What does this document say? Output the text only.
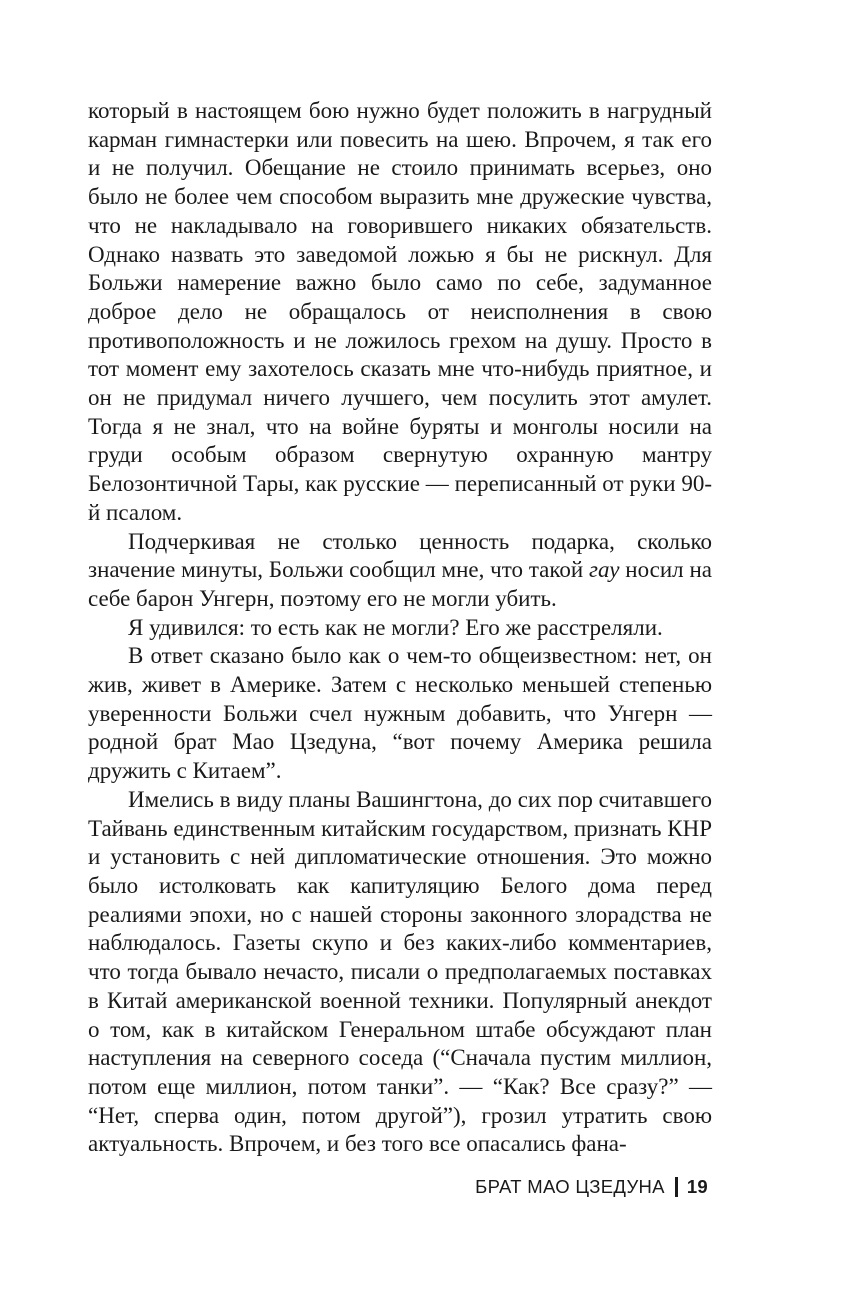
который в настоящем бою нужно будет положить в нагрудный карман гимнастерки или повесить на шею. Впрочем, я так его и не получил. Обещание не стоило принимать всерьез, оно было не более чем способом выразить мне дружеские чувства, что не накладывало на говорившего никаких обязательств. Однако назвать это заведомой ложью я бы не рискнул. Для Больжи намерение важно было само по себе, задуманное доброе дело не обращалось от неисполнения в свою противоположность и не ложилось грехом на душу. Просто в тот момент ему захотелось сказать мне что-нибудь приятное, и он не придумал ничего лучшего, чем посулить этот амулет. Тогда я не знал, что на войне буряты и монголы носили на груди особым образом свернутую охранную мантру Белозонтичной Тары, как русские — переписанный от руки 90-й псалом.

Подчеркивая не столько ценность подарка, сколько значение минуты, Больжи сообщил мне, что такой гау носил на себе барон Унгерн, поэтому его не могли убить.

Я удивился: то есть как не могли? Его же расстреляли.

В ответ сказано было как о чем-то общеизвестном: нет, он жив, живет в Америке. Затем с несколько меньшей степенью уверенности Больжи счел нужным добавить, что Унгерн — родной брат Мао Цзедуна, “вот почему Америка решила дружить с Китаем”.

Имелись в виду планы Вашингтона, до сих пор считавшего Тайвань единственным китайским государством, признать КНР и установить с ней дипломатические отношения. Это можно было истолковать как капитуляцию Белого дома перед реалиями эпохи, но с нашей стороны законного злорадства не наблюдалось. Газеты скупо и без каких-либо комментариев, что тогда бывало нечасто, писали о предполагаемых поставках в Китай американской военной техники. Популярный анекдот о том, как в китайском Генеральном штабе обсуждают план наступления на северного соседа (“Сначала пустим миллион, потом еще миллион, потом танки”. — “Как? Все сразу?” — “Нет, сперва один, потом другой”), грозил утратить свою актуальность. Впрочем, и без того все опасались фана-

БРАТ МАО ЦЗЕДУНА 19
